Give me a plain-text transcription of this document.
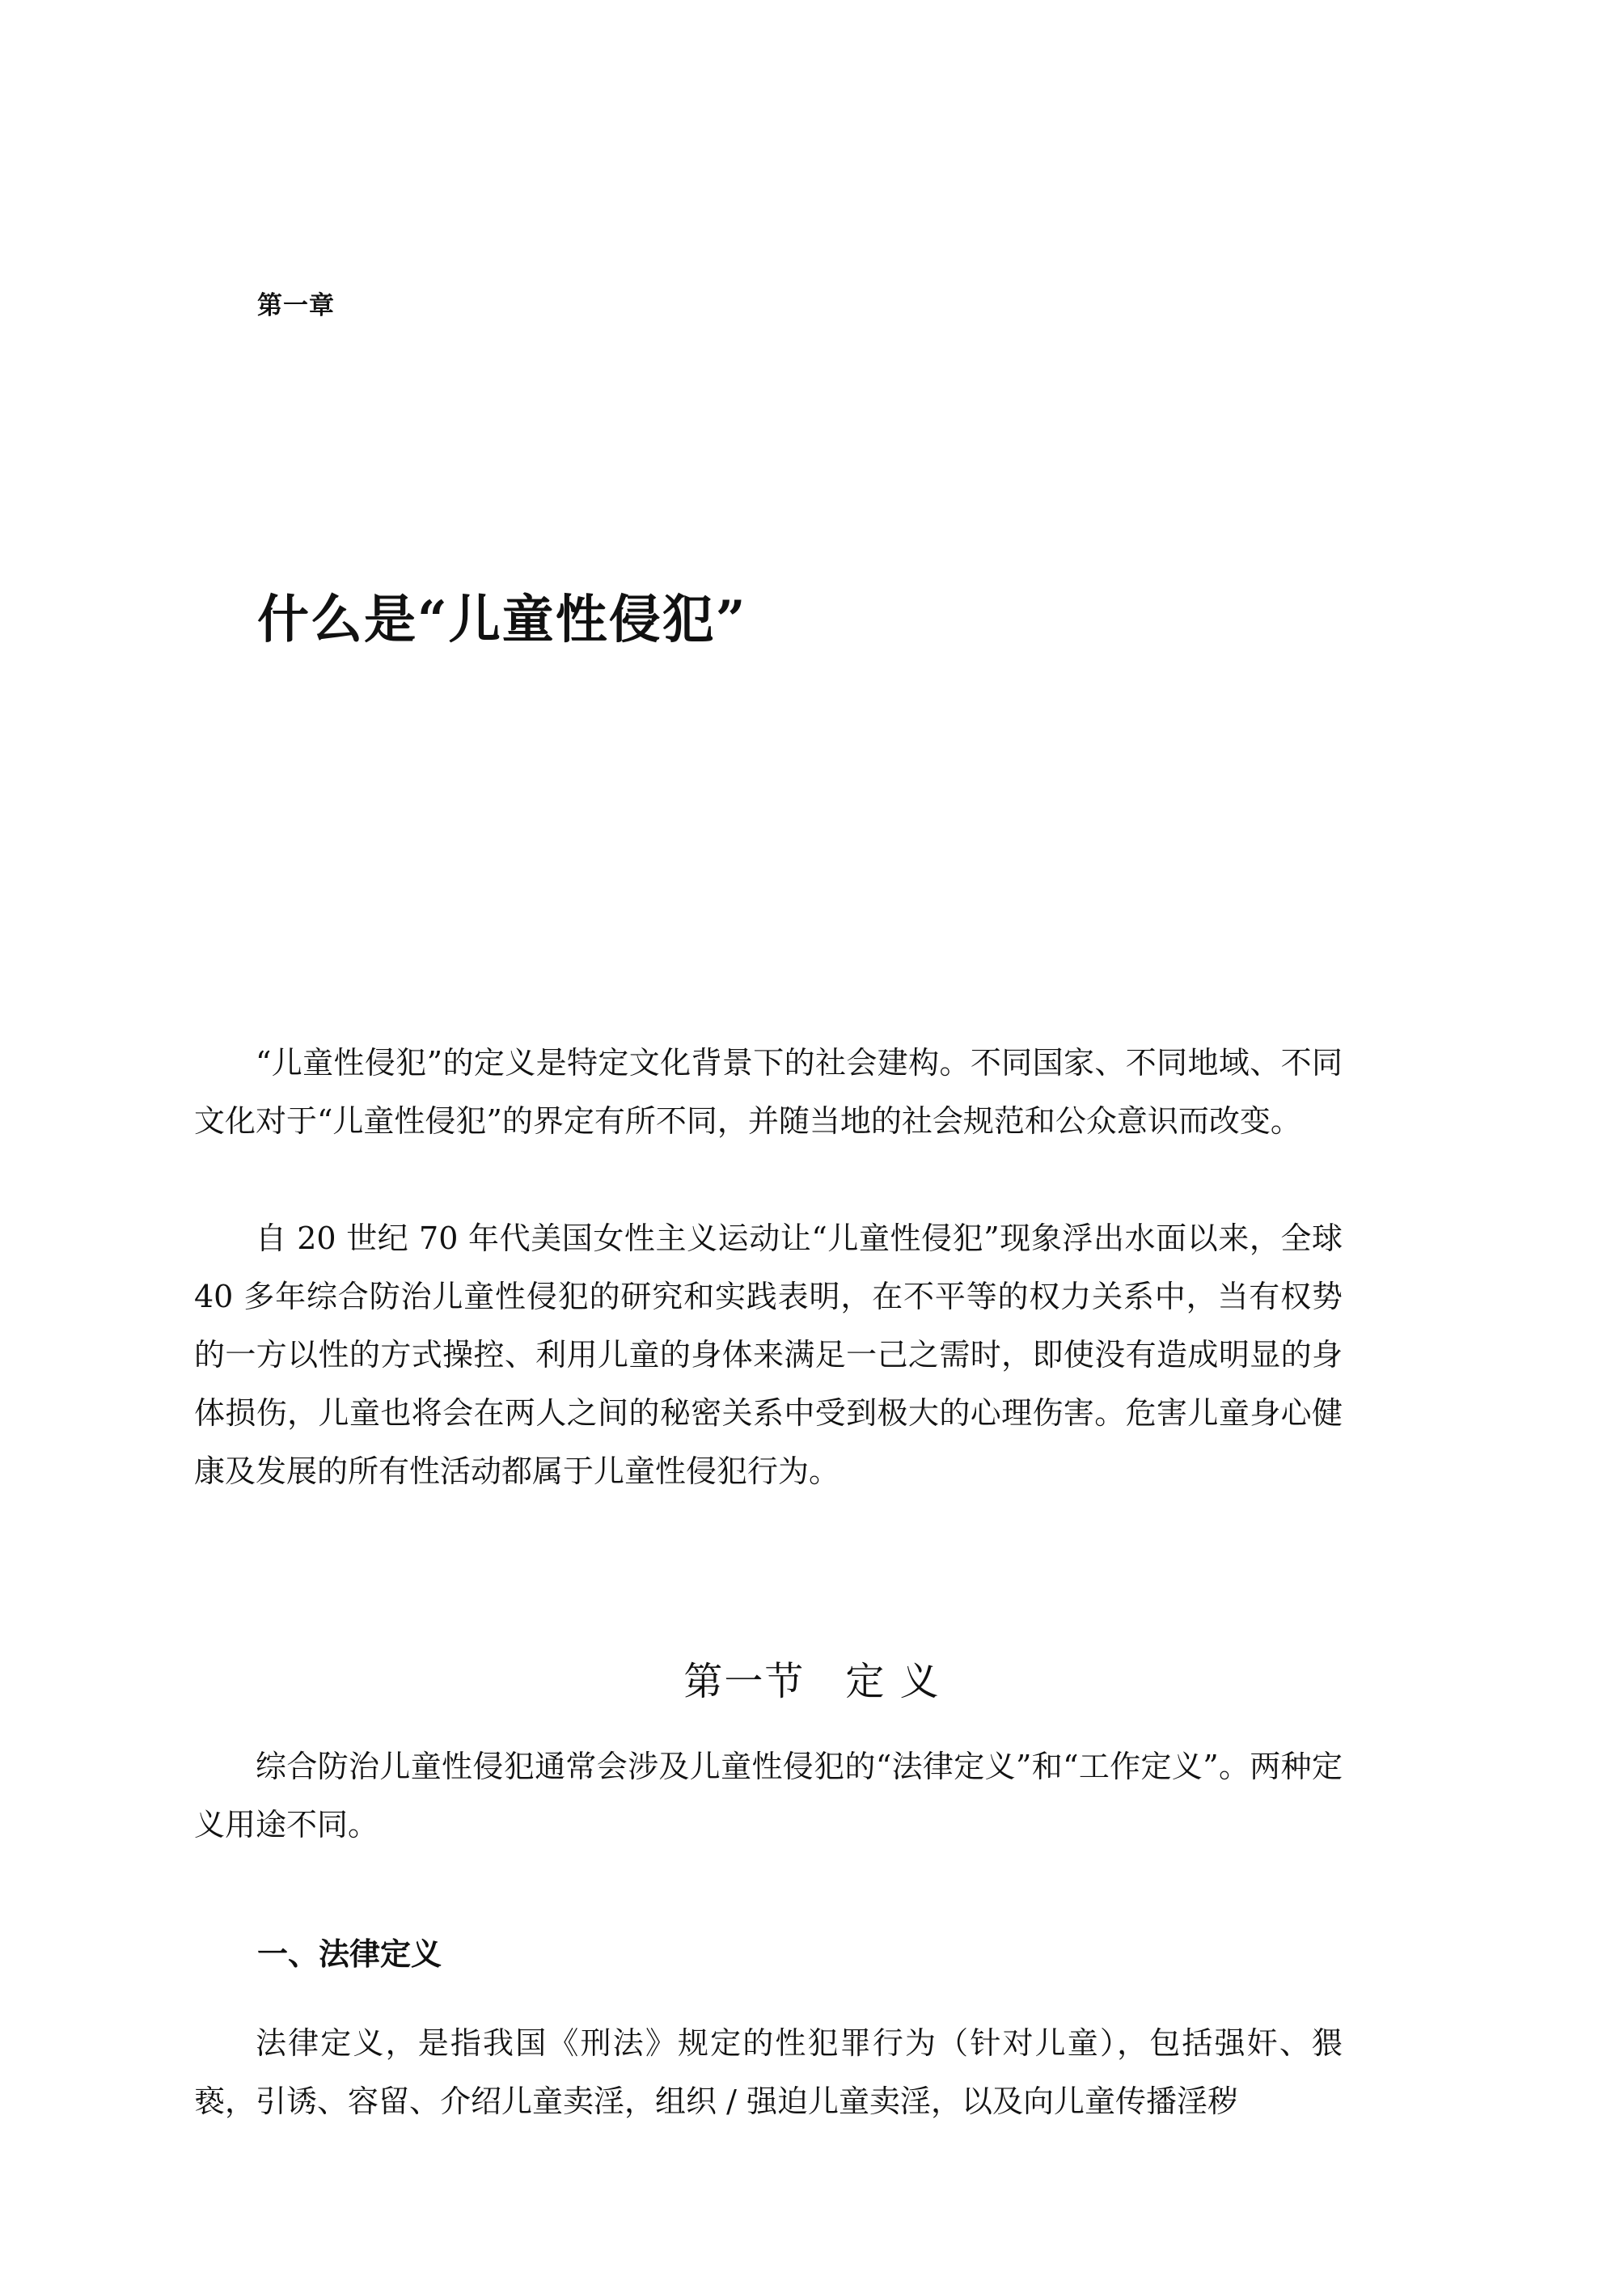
第一章
什么是“儿童性侵犯”

“儿童性侵犯”的定义是特定文化背景下的社会建构。不同国家、不同地域、不同文化对于“儿童性侵犯”的界定有所不同，并随当地的社会规范和公众意识而改变。

自 20 世纪 70 年代美国女性主义运动让“儿童性侵犯”现象浮出水面以来，全球 40 多年综合防治儿童性侵犯的研究和实践表明，在不平等的权力关系中，当有权势的一方以性的方式操控、利用儿童的身体来满足一己之需时，即使没有造成明显的身体损伤，儿童也将会在两人之间的秘密关系中受到极大的心理伤害。危害儿童身心健康及发展的所有性活动都属于儿童性侵犯行为。

第一节　定 义

综合防治儿童性侵犯通常会涉及儿童性侵犯的“法律定义”和“工作定义”。两种定义用途不同。

一、法律定义

法律定义，是指我国《刑法》规定的性犯罪行为（针对儿童），包括强奸、猥亵，引诱、容留、介绍儿童卖淫，组织 / 强迫儿童卖淫，以及向儿童传播淫秽
